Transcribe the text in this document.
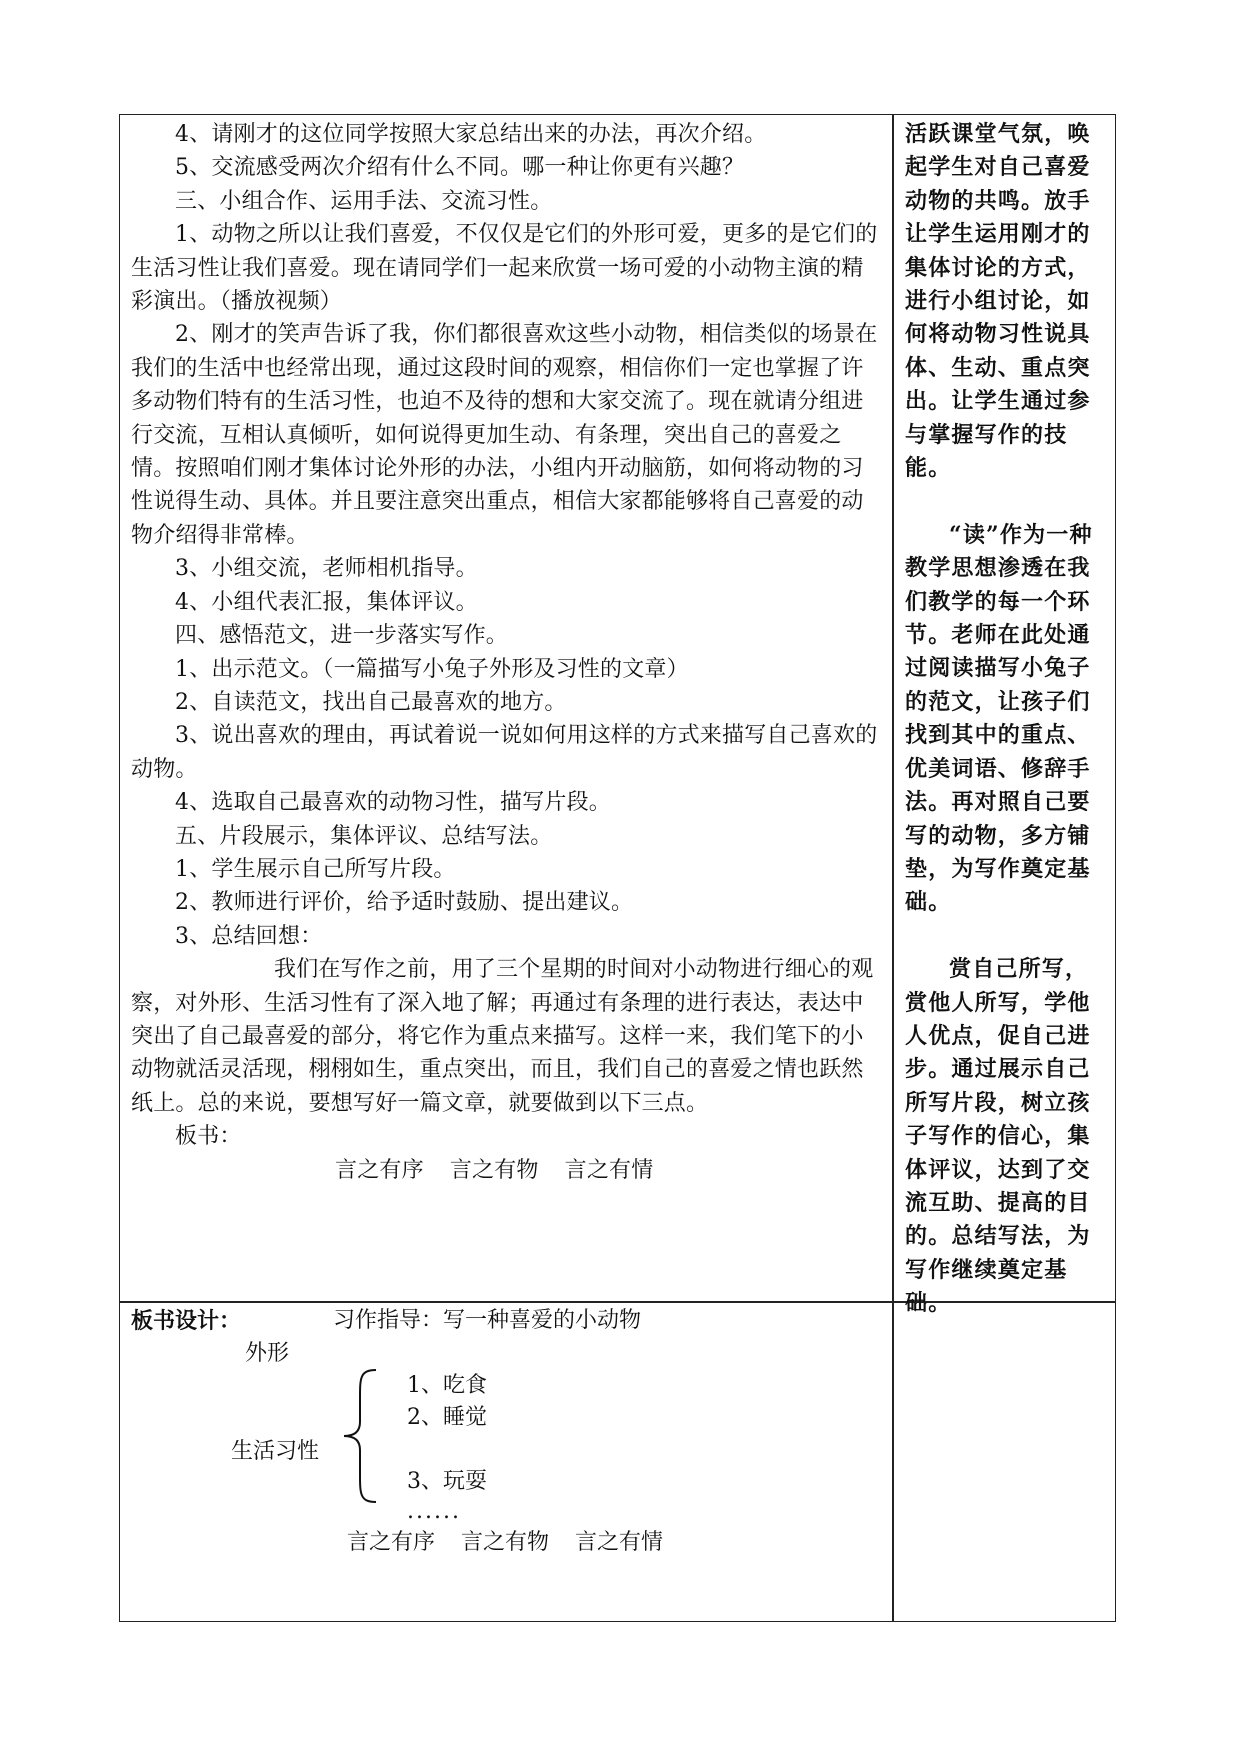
4、请刚才的这位同学按照大家总结出来的办法，再次介绍。

5、交流感受两次介绍有什么不同。哪一种让你更有兴趣？

三、小组合作、运用手法、交流习性。

1、动物之所以让我们喜爱，不仅仅是它们的外形可爱，更多的是它们的生活习性让我们喜爱。现在请同学们一起来欣赏一场可爱的小动物主演的精彩演出。（播放视频）

2、刚才的笑声告诉了我，你们都很喜欢这些小动物，相信类似的场景在我们的生活中也经常出现，通过这段时间的观察，相信你们一定也掌握了许多动物们特有的生活习性，也迫不及待的想和大家交流了。现在就请分组进行交流，互相认真倾听，如何说得更加生动、有条理，突出自己的喜爱之情。按照咱们刚才集体讨论外形的办法，小组内开动脑筋，如何将动物的习性说得生动、具体。并且要注意突出重点，相信大家都能够将自己喜爱的动物介绍得非常棒。

3、小组交流，老师相机指导。

4、小组代表汇报，集体评议。

四、感悟范文，进一步落实写作。

1、出示范文。（一篇描写小兔子外形及习性的文章）

2、自读范文，找出自己最喜欢的地方。

3、说出喜欢的理由，再试着说一说如何用这样的方式来描写自己喜欢的动物。

4、选取自己最喜欢的动物习性，描写片段。

五、片段展示，集体评议、总结写法。

1、学生展示自己所写片段。

2、教师进行评价，给予适时鼓励、提出建议。

3、总结回想：

我们在写作之前，用了三个星期的时间对小动物进行细心的观察，对外形、生活习性有了深入地了解；再通过有条理的进行表达，表达中突出了自己最喜爱的部分，将它作为重点来描写。这样一来，我们笔下的小动物就活灵活现，栩栩如生，重点突出，而且，我们自己的喜爱之情也跃然纸上。总的来说，要想写好一篇文章，就要做到以下三点。

板书：

言之有序 言之有物 言之有情

活跃课堂气氛，唤起学生对自己喜爱动物的共鸣。放手让学生运用刚才的集体讨论的方式，进行小组讨论，如何将动物习性说具体、生动、重点突出。让学生通过参与掌握写作的技能。

“读”作为一种教学思想渗透在我们教学的每一个环节。老师在此处通过阅读描写小兔子的范文，让孩子们找到其中的重点、优美词语、修辞手法。再对照自己要写的动物，多方铺垫，为写作奠定基础。

赏自己所写，赏他人所写，学他人优点，促自己进步。通过展示自己所写片段，树立孩子写作的信心，集体评议，达到了交流互助、提高的目的。总结写法，为写作继续奠定基础。

板书设计：	习作指导：写一种喜爱的小动物
外形
生活习性
1、吃食
2、睡觉
3、玩耍
......
言之有序 言之有物 言之有情
